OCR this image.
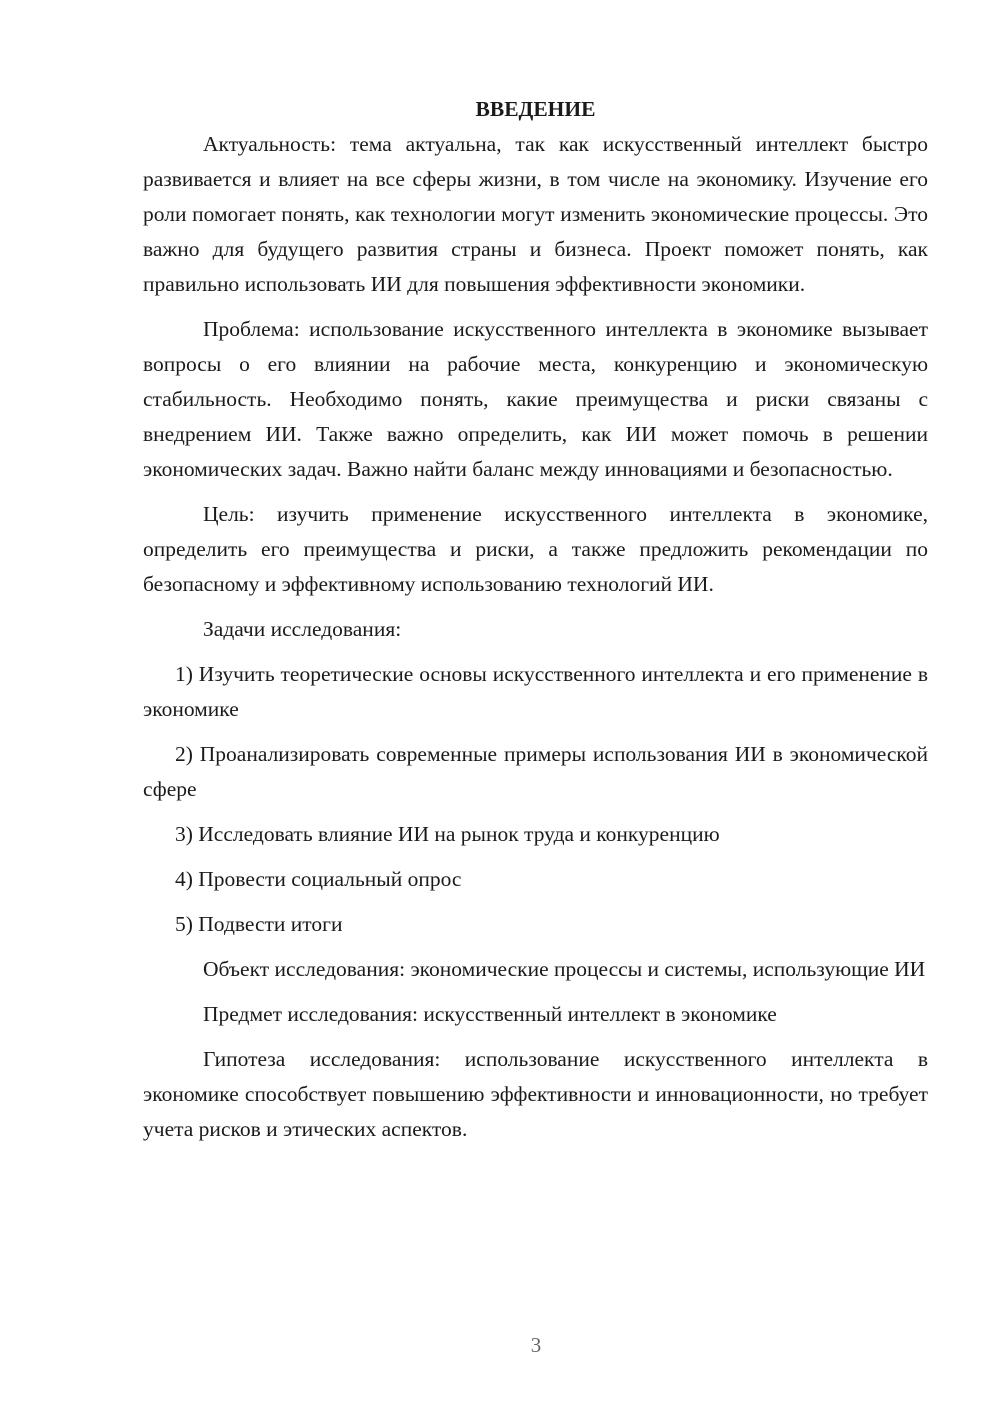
ВВЕДЕНИЕ

Актуальность: тема актуальна, так как искусственный интеллект быстро развивается и влияет на все сферы жизни, в том числе на экономику. Изучение его роли помогает понять, как технологии могут изменить экономические процессы. Это важно для будущего развития страны и бизнеса. Проект поможет понять, как правильно использовать ИИ для повышения эффективности экономики.

Проблема: использование искусственного интеллекта в экономике вызывает вопросы о его влиянии на рабочие места, конкуренцию и экономическую стабильность. Необходимо понять, какие преимущества и риски связаны с внедрением ИИ. Также важно определить, как ИИ может помочь в решении экономических задач. Важно найти баланс между инновациями и безопасностью.

Цель: изучить применение искусственного интеллекта в экономике, определить его преимущества и риски, а также предложить рекомендации по безопасному и эффективному использованию технологий ИИ.

Задачи исследования:

1) Изучить теоретические основы искусственного интеллекта и его применение в экономике

2) Проанализировать современные примеры использования ИИ в экономической сфере

3) Исследовать влияние ИИ на рынок труда и конкуренцию

4) Провести социальный опрос

5) Подвести итоги

Объект исследования: экономические процессы и системы, использующие ИИ

Предмет исследования: искусственный интеллект в экономике

Гипотеза исследования: использование искусственного интеллекта в экономике способствует повышению эффективности и инновационности, но требует учета рисков и этических аспектов.

3
